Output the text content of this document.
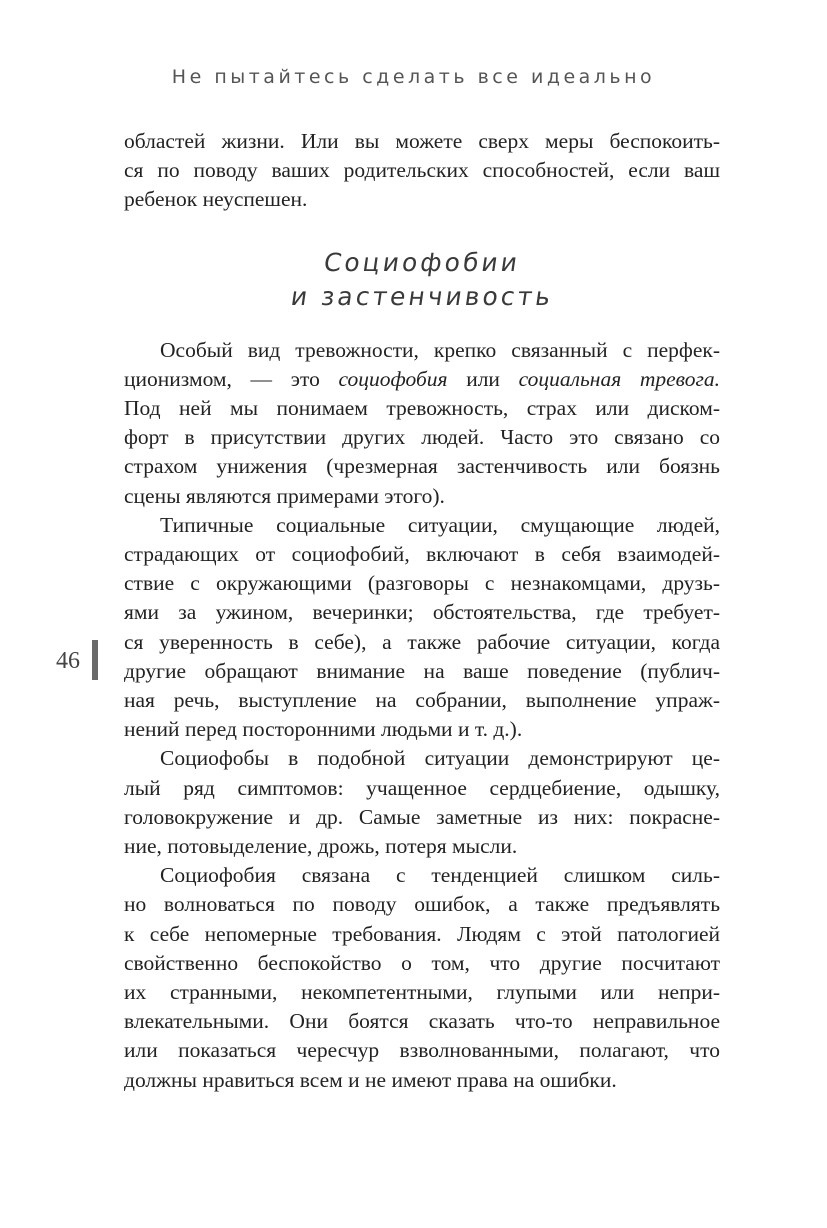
Не пытайтесь сделать все идеально
46
областей жизни. Или вы можете сверх меры беспокоить-
ся по поводу ваших родительских способностей, если ваш
ребенок неуспешен.
Социофобии
и застенчивость
Особый вид тревожности, крепко связанный с перфек-
ционизмом, — это социофобия или социальная тревога.
Под ней мы понимаем тревожность, страх или диском-
форт в присутствии других людей. Часто это связано со
страхом унижения (чрезмерная застенчивость или боязнь
сцены являются примерами этого).
Типичные социальные ситуации, смущающие людей,
страдающих от социофобий, включают в себя взаимодей-
ствие с окружающими (разговоры с незнакомцами, друзь-
ями за ужином, вечеринки; обстоятельства, где требует-
ся уверенность в себе), а также рабочие ситуации, когда
другие обращают внимание на ваше поведение (публич-
ная речь, выступление на собрании, выполнение упраж-
нений перед посторонними людьми и т. д.).
Социофобы в подобной ситуации демонстрируют це-
лый ряд симптомов: учащенное сердцебиение, одышку,
головокружение и др. Самые заметные из них: покрасне-
ние, потовыделение, дрожь, потеря мысли.
Социофобия связана с тенденцией слишком силь-
но волноваться по поводу ошибок, а также предъявлять
к себе непомерные требования. Людям с этой патологией
свойственно беспокойство о том, что другие посчитают
их странными, некомпетентными, глупыми или непри-
влекательными. Они боятся сказать что-то неправильное
или показаться чересчур взволнованными, полагают, что
должны нравиться всем и не имеют права на ошибки.
